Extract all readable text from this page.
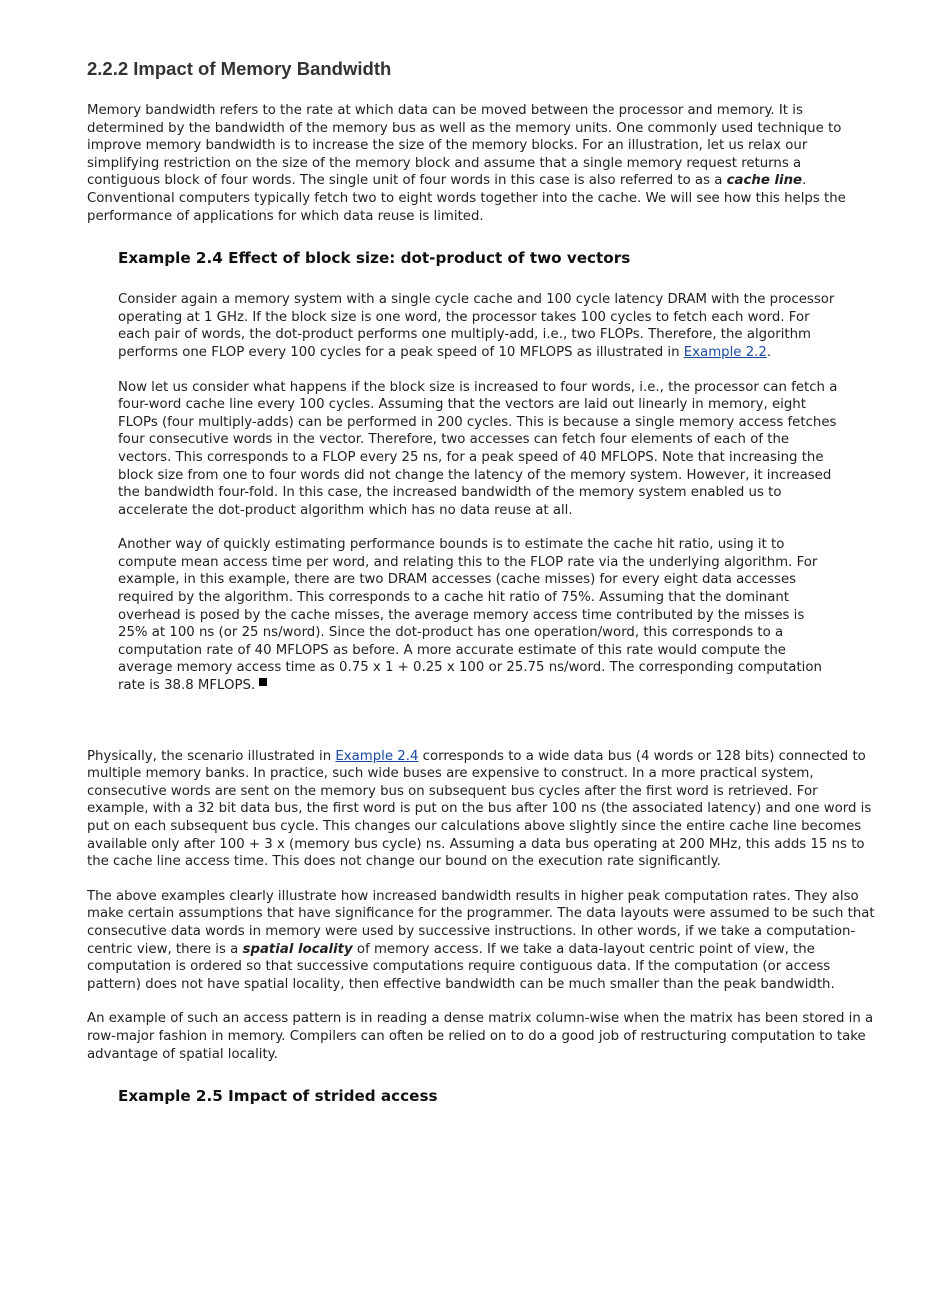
2.2.2 Impact of Memory Bandwidth

Memory bandwidth refers to the rate at which data can be moved between the processor and memory. It is determined by the bandwidth of the memory bus as well as the memory units. One commonly used technique to improve memory bandwidth is to increase the size of the memory blocks. For an illustration, let us relax our simplifying restriction on the size of the memory block and assume that a single memory request returns a contiguous block of four words. The single unit of four words in this case is also referred to as a cache line. Conventional computers typically fetch two to eight words together into the cache. We will see how this helps the performance of applications for which data reuse is limited.

Example 2.4 Effect of block size: dot-product of two vectors

Consider again a memory system with a single cycle cache and 100 cycle latency DRAM with the processor operating at 1 GHz. If the block size is one word, the processor takes 100 cycles to fetch each word. For each pair of words, the dot-product performs one multiply-add, i.e., two FLOPs. Therefore, the algorithm performs one FLOP every 100 cycles for a peak speed of 10 MFLOPS as illustrated in Example 2.2.

Now let us consider what happens if the block size is increased to four words, i.e., the processor can fetch a four-word cache line every 100 cycles. Assuming that the vectors are laid out linearly in memory, eight FLOPs (four multiply-adds) can be performed in 200 cycles. This is because a single memory access fetches four consecutive words in the vector. Therefore, two accesses can fetch four elements of each of the vectors. This corresponds to a FLOP every 25 ns, for a peak speed of 40 MFLOPS. Note that increasing the block size from one to four words did not change the latency of the memory system. However, it increased the bandwidth four-fold. In this case, the increased bandwidth of the memory system enabled us to accelerate the dot-product algorithm which has no data reuse at all.

Another way of quickly estimating performance bounds is to estimate the cache hit ratio, using it to compute mean access time per word, and relating this to the FLOP rate via the underlying algorithm. For example, in this example, there are two DRAM accesses (cache misses) for every eight data accesses required by the algorithm. This corresponds to a cache hit ratio of 75%. Assuming that the dominant overhead is posed by the cache misses, the average memory access time contributed by the misses is 25% at 100 ns (or 25 ns/word). Since the dot-product has one operation/word, this corresponds to a computation rate of 40 MFLOPS as before. A more accurate estimate of this rate would compute the average memory access time as 0.75 x 1 + 0.25 x 100 or 25.75 ns/word. The corresponding computation rate is 38.8 MFLOPS.

Physically, the scenario illustrated in Example 2.4 corresponds to a wide data bus (4 words or 128 bits) connected to multiple memory banks. In practice, such wide buses are expensive to construct. In a more practical system, consecutive words are sent on the memory bus on subsequent bus cycles after the first word is retrieved. For example, with a 32 bit data bus, the first word is put on the bus after 100 ns (the associated latency) and one word is put on each subsequent bus cycle. This changes our calculations above slightly since the entire cache line becomes available only after 100 + 3 x (memory bus cycle) ns. Assuming a data bus operating at 200 MHz, this adds 15 ns to the cache line access time. This does not change our bound on the execution rate significantly.

The above examples clearly illustrate how increased bandwidth results in higher peak computation rates. They also make certain assumptions that have significance for the programmer. The data layouts were assumed to be such that consecutive data words in memory were used by successive instructions. In other words, if we take a computation-centric view, there is a spatial locality of memory access. If we take a data-layout centric point of view, the computation is ordered so that successive computations require contiguous data. If the computation (or access pattern) does not have spatial locality, then effective bandwidth can be much smaller than the peak bandwidth.

An example of such an access pattern is in reading a dense matrix column-wise when the matrix has been stored in a row-major fashion in memory. Compilers can often be relied on to do a good job of restructuring computation to take advantage of spatial locality.

Example 2.5 Impact of strided access
